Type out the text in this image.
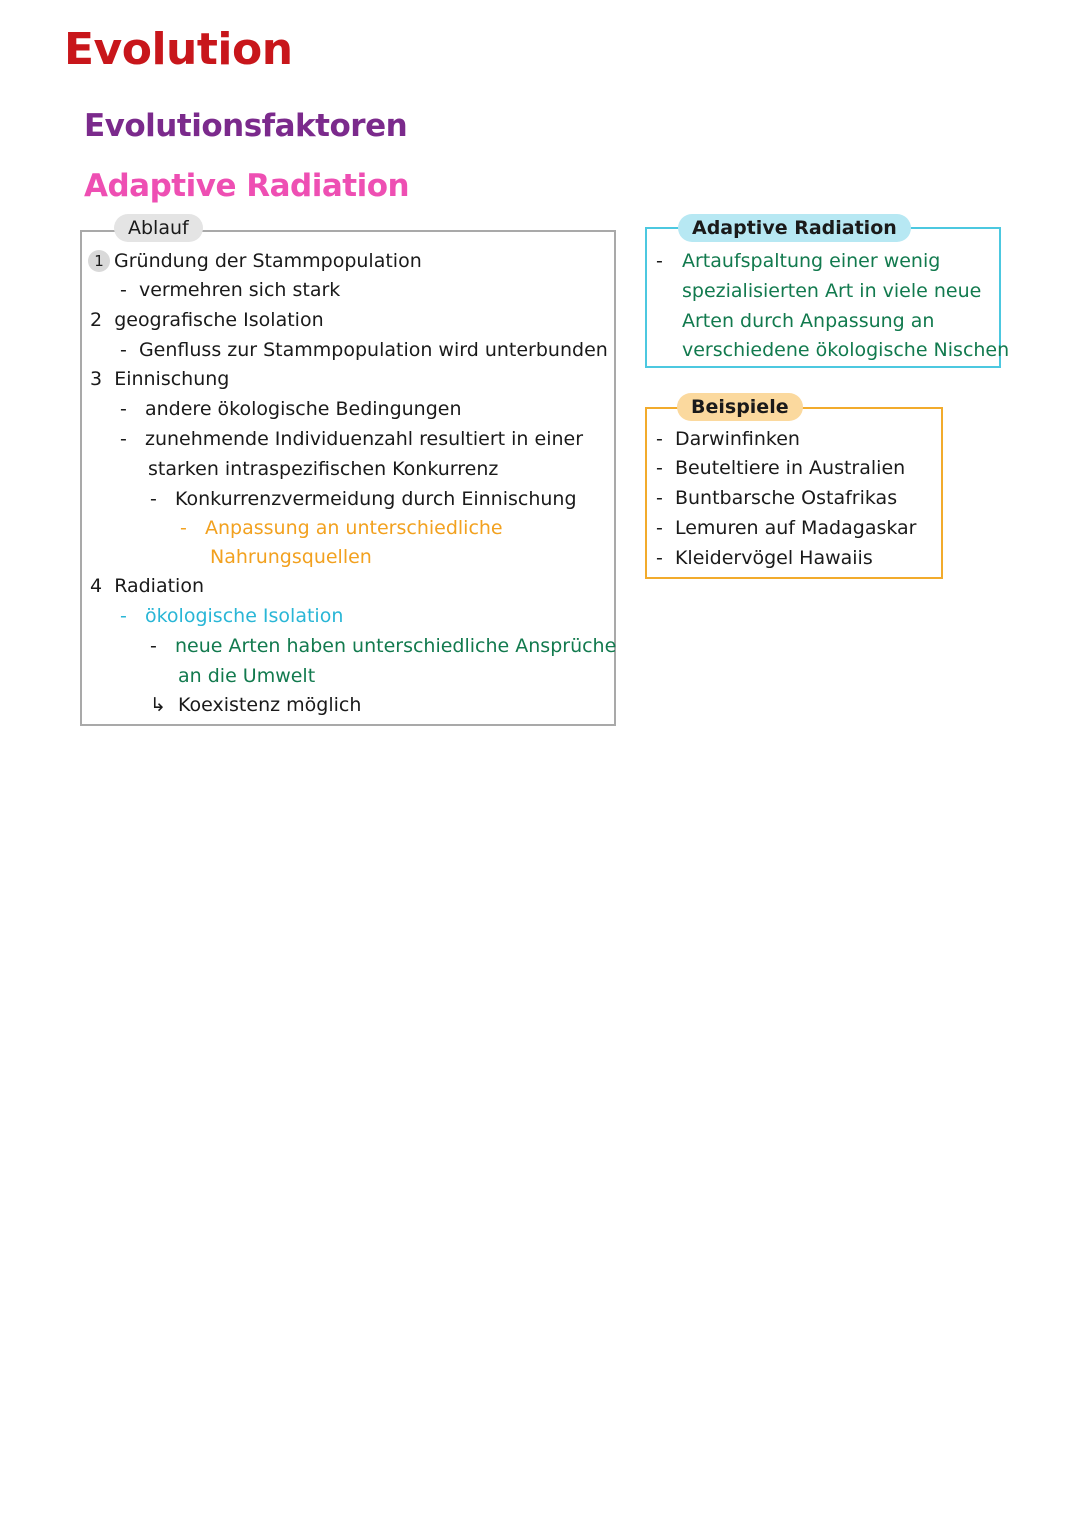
Evolution
Evolutionsfaktoren
Adaptive Radiation
Ablauf
1 Gründung der Stammpopulation
- vermehren sich stark
2 geografische Isolation
- Genfluss zur Stammpopulation wird unterbunden
3 Einnischung
- andere ökologische Bedingungen
- zunehmende Individuenzahl resultiert in einer
starken intraspezifischen Konkurrenz
- Konkurrenzvermeidung durch Einnischung
- Anpassung an unterschiedliche
Nahrungsquellen
4 Radiation
- ökologische Isolation
- neue Arten haben unterschiedliche Ansprüche
an die Umwelt
↳ Koexistenz möglich
Adaptive Radiation
- Artaufspaltung einer wenig
spezialisierten Art in viele neue
Arten durch Anpassung an
verschiedene ökologische Nischen
Beispiele
- Darwinfinken
- Beuteltiere in Australien
- Buntbarsche Ostafrikas
- Lemuren auf Madagaskar
- Kleidervögel Hawaiis
